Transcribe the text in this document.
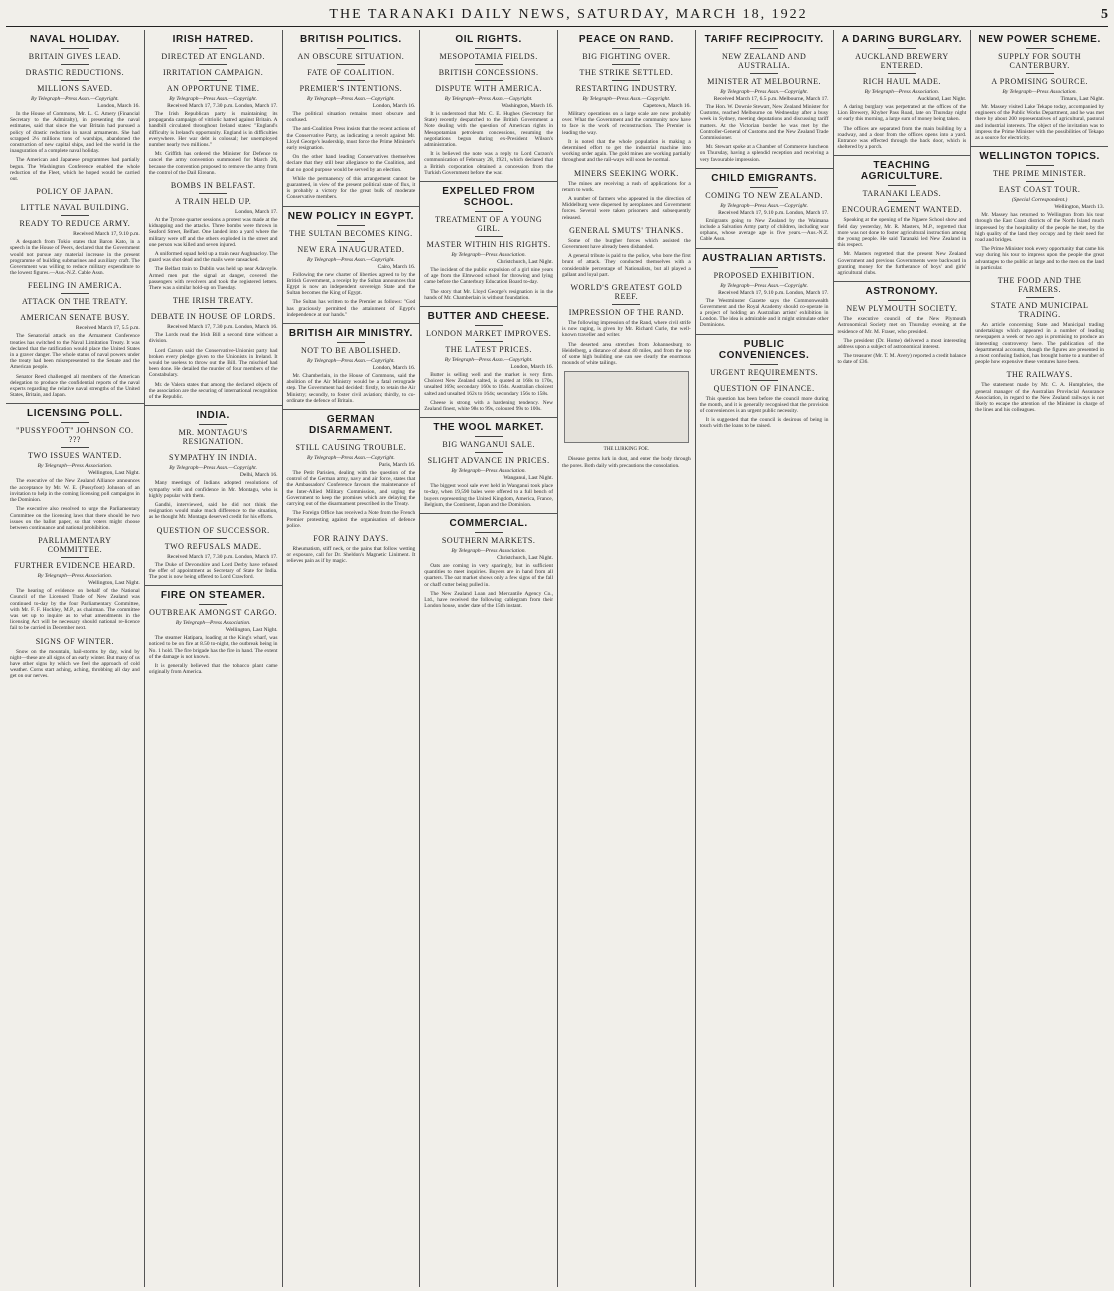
THE TARANAKI DAILY NEWS, SATURDAY, MARCH 18, 1922	5
NAVAL HOLIDAY.
BRITAIN GIVES LEAD.
DRASTIC REDUCTIONS.
MILLIONS SAVED.
By Telegraph—Press Assn.—Copyright.
London, March 16.

In the House of Commons, Mr. L. C. Amery (Financial Secretary to the Admiralty), in presenting the naval estimates, said that since the war Britain had pursued a policy of drastic reduction in naval armaments. She had scrapped 2¼ millions tons of warships, abandoned the construction of new capital ships, and led the world in the inauguration of a complete naval holiday.

The American and Japanese programmes had partially begun. The Washington Conference enabled the whole reduction of the Fleet, which he hoped would be carried out.

POLICY OF JAPAN.
LITTLE NAVAL BUILDING.
READY TO REDUCE ARMY.
Received March 17, 9.10 p.m.

A despatch from Tokio states that Baron Kato, in a speech in the House of Peers, declared that the Government would not pursue any material increase in the present programme of building submarines and auxiliary craft. The Government was willing to reduce military expenditure to the lowest figures.—Aus.-N.Z. Cable Assn.

FEELING IN AMERICA.
ATTACK ON THE TREATY.
AMERICAN SENATE BUSY.
Received March 17, 5.5 p.m.

The Senatorial attack on the Armament Conference treaties has switched to the Naval Limitation Treaty. It was declared that the ratification would place the United States in a graver danger. The whole status of naval powers under the treaty had been misrepresented to the Senate and the American people.

Senator Reed challenged all members of the American delegation to produce the confidential reports of the naval experts regarding the relative naval strengths of the United States, Britain, and Japan.

LICENSING POLL.
"PUSSYFOOT" JOHNSON CO. ???
TWO ISSUES WANTED.
By Telegraph—Press Association.
Wellington, Last Night.

The executive of the New Zealand Alliance announces the acceptance by Mr. W. E. (Pussyfoot) Johnson of an invitation to help in the coming licensing poll campaigns in the Dominion.

The executive also resolved to urge the Parliamentary Committee on the licensing laws that there should be two issues on the ballot paper, so that voters might choose between continuance and national prohibition.

PARLIAMENTARY COMMITTEE.
FURTHER EVIDENCE HEARD.
By Telegraph—Press Association.
Wellington, Last Night.

The hearing of evidence on behalf of the National Council of the Licensed Trade of New Zealand was continued to-day by the four Parliamentary Committee, with Mr. F. F. Hockley, M.P., as chairman. The committee was set up to inquire as to what amendments in the licensing Act will be necessary should national re-licence fail to be carried in December next.

SIGNS OF WINTER.

Snow on the mountain, hail-storms by day, wind by night—these are all signs of an early winter. But many of us have other signs by which we feel the approach of cold weather. Corns start aching, aching, throbbing all day and get on our nerves.

IRISH HATRED.
DIRECTED AT ENGLAND.
IRRITATION CAMPAIGN.
AN OPPORTUNE TIME.
By Telegraph—Press Assn.—Copyright.
Received March 17, 7.30 p.m. London, March 17.

The Irish Republican party is maintaining its propaganda campaign of vitriolic hatred against Britain. A handbill circulated throughout Ireland states: "England's difficulty is Ireland's opportunity. England is in difficulties everywhere. Her war debt is colossal; her unemployed number nearly two millions."

Mr. Griffith has ordered the Minister for Defence to cancel the army convention summoned for March 26, because the convention proposed to remove the army from the control of the Dail Eireann.

BOMBS IN BELFAST.
A TRAIN HELD UP.
London, March 17.

At the Tyrone quarter sessions a protest was made at the kidnapping and the attacks. Three bombs were thrown in Seaford Street, Belfast. One landed into a yard where the military were off and the others exploded in the street and one person was killed and seven injured.

A uniformed squad held up a train near Aughnacloy. The guard was shot dead and the mails were ransacked.

The Belfast train to Dublin was held up near Adavoyle. Armed men put the signal at danger, covered the passengers with revolvers and took the registered letters. There was a similar hold-up on Tuesday.

THE IRISH TREATY.
DEBATE IN HOUSE OF LORDS.
Received March 17, 7.30 p.m. London, March 16.

The Lords read the Irish Bill a second time without a division.

Lord Carson said the Conservative-Unionist party had broken every pledge given to the Unionists in Ireland. It would be useless to throw out the Bill. The mischief had been done. He detailed the murder of four members of the Constabulary.

Mr. de Valera states that among the declared objects of the association are the securing of international recognition of the Republic.

INDIA.
MR. MONTAGU'S RESIGNATION.
SYMPATHY IN INDIA.
By Telegraph—Press Assn.—Copyright.
Delhi, March 16.

Many meetings of Indians adopted resolutions of sympathy with and confidence in Mr. Montagu, who is highly popular with them.

Gandhi, interviewed, said he did not think the resignation would make much difference to the situation, as he thought Mr. Montagu deserved credit for his efforts.

QUESTION OF SUCCESSOR.
TWO REFUSALS MADE.
Received March 17, 7.30 p.m. London, March 17.

The Duke of Devonshire and Lord Derby have refused the offer of appointment as Secretary of State for India. The post is now being offered to Lord Crawford.

FIRE ON STEAMER.
OUTBREAK AMONGST CARGO.
By Telegraph—Press Association.
Wellington, Last Night.

The steamer Hatipara, loading at the King's wharf, was noticed to be on fire at 8.50 to-night, the outbreak being in No. 1 hold. The fire brigade has the fire in hand. The extent of the damage is not known.

It is generally believed that the tobacco plant came originally from America.

BRITISH POLITICS.
AN OBSCURE SITUATION.
FATE OF COALITION.
PREMIER'S INTENTIONS.
By Telegraph—Press Assn.—Copyright.
London, March 16.

The political situation remains most obscure and confused.

The anti-Coalition Press insists that the recent actions of the Conservative Party, as indicating a revolt against Mr. Lloyd George's leadership, must force the Prime Minister's early resignation.

On the other hand leading Conservatives themselves declare that they still bear allegiance to the Coalition, and that no good purpose would be served by an election.

While the permanency of this arrangement cannot be guaranteed, in view of the present political state of flux, it is probably a victory for the great bulk of moderate Conservative members.

NEW POLICY IN EGYPT.
THE SULTAN BECOMES KING.
NEW ERA INAUGURATED.
By Telegraph—Press Assn.—Copyright.
Cairo, March 16.

Following the new charter of liberties agreed to by the British Government, a receipt by the Sultan announces that Egypt is now an independent sovereign State and the Sultan becomes the King of Egypt.

The Sultan has written to the Premier as follows: "God has graciously permitted the attainment of Egypt's independence at our hands."

BRITISH AIR MINISTRY.
NOT TO BE ABOLISHED.
By Telegraph—Press Assn.—Copyright.
London, March 16.

Mr. Chamberlain, in the House of Commons, said the abolition of the Air Ministry would be a fatal retrograde step. The Government had decided: firstly, to retain the Air Ministry; secondly, to foster civil aviation; thirdly, to co-ordinate the defence of Britain.

GERMAN DISARMAMENT.
STILL CAUSING TROUBLE.
By Telegraph—Press Assn.—Copyright.
Paris, March 16.

The Petit Parisien, dealing with the question of the control of the German army, navy and air force, states that the Ambassadors' Conference favours the maintenance of the Inter-Allied Military Commission, and urging the Government to keep the promises which are delaying the carrying out of the disarmament prescribed in the Treaty.

The Foreign Office has received a Note from the French Premier protesting against the organisation of defence police.

FOR RAINY DAYS.

Rheumatism, stiff neck, or the pains that follow wetting or exposure, call for Dr. Sheldon's Magnetic Liniment. It relieves pain as if by magic.

OIL RIGHTS.
MESOPOTAMIA FIELDS.
BRITISH CONCESSIONS.
DISPUTE WITH AMERICA.
By Telegraph—Press Assn.—Copyright.
Washington, March 16.

It is understood that Mr. C. E. Hughes (Secretary for State) recently despatched to the British Government a Note dealing with the question of American rights in Mesopotamian petroleum concessions, resuming the negotiations begun during ex-President Wilson's administration.

It is believed the note was a reply to Lord Curzon's communication of February 28, 1921, which declared that a British corporation obtained a concession from the Turkish Government before the war.

EXPELLED FROM SCHOOL.
TREATMENT OF A YOUNG GIRL.
MASTER WITHIN HIS RIGHTS.
By Telegraph—Press Association.
Christchurch, Last Night.

The incident of the public expulsion of a girl nine years of age from the Elmwood school for throwing and lying came before the Canterbury Education Board to-day.

The story that Mr. Lloyd George's resignation is in the hands of Mr. Chamberlain is without foundation.

BUTTER AND CHEESE.
LONDON MARKET IMPROVES.
THE LATEST PRICES.
By Telegraph—Press Assn.—Copyright.
London, March 16.

Butter is selling well and the market is very firm. Choicest New Zealand salted, is quoted at 168s to 170s, unsalted 169s; secondary 160s to 164s. Australian choicest salted and unsalted 162s to 164s; secondary 156s to 158s.

Cheese is strong with a hardening tendency. New Zealand finest, white 98s to 99s, coloured 99s to 100s.

THE WOOL MARKET.
BIG WANGANUI SALE.
SLIGHT ADVANCE IN PRICES.
By Telegraph—Press Association.
Wanganui, Last Night.

The biggest wool sale ever held in Wanganui took place to-day, when 19,590 bales were offered to a full bench of buyers representing the United Kingdom, America, France, Belgium, the Continent, Japan and the Dominion.

COMMERCIAL.
SOUTHERN MARKETS.
By Telegraph—Press Association.
Christchurch, Last Night.

Oats are coming in very sparingly, but in sufficient quantities to meet inquiries. Buyers are in hand from all quarters. The oat market shows only a few signs of the fall or chaff cutter being pulled in.

The New Zealand Loan and Mercantile Agency Co., Ltd., have received the following cablegram from their London house, under date of the 15th instant.

PEACE ON RAND.
BIG FIGHTING OVER.
THE STRIKE SETTLED.
RESTARTING INDUSTRY.
By Telegraph—Press Assn.—Copyright.
Capetown, March 16.

Military operations on a large scale are now probably over. What the Government and the community now have to face is the work of reconstruction. The Premier is leading the way.

It is noted that the whole population is making a determined effort to get the industrial machine into working order again. The gold mines are working partially throughout and the rail-ways will soon be normal.

MINERS SEEKING WORK.

The mines are receiving a rush of applications for a return to work.

A number of farmers who appeared in the direction of Middelburg were dispersed by aeroplanes and Government forces. Several were taken prisoners and subsequently released.

GENERAL SMUTS' THANKS.

Some of the burgher forces which assisted the Government have already been disbanded.

A general tribute is paid to the police, who bore the first brunt of attack. They conducted themselves with a considerable percentage of Nationalists, but all played a gallant and loyal part.

WORLD'S GREATEST GOLD REEF.
IMPRESSION OF THE RAND.

The following impression of the Rand, where civil strife is now raging, is given by Mr. Richard Curle, the well-known traveller and writer.

The deserted area stretches from Johannesburg to Heidelberg, a distance of about 40 miles, and from the top of some high building one can see clearly the enormous mounds of white tailings.

THE LURKING FOE.

Disease germs lurk in dust, and enter the body through the pores. Both daily with precautions the consolation.

TARIFF RECIPROCITY.
NEW ZEALAND AND AUSTRALIA.
MINISTER AT MELBOURNE.
By Telegraph—Press Assn.—Copyright.
Received March 17, 6.5 p.m. Melbourne, March 17.

The Hon. W. Downie Stewart, New Zealand Minister for Customs, reached Melbourne on Wednesday after a busy week in Sydney, meeting deputations and discussing tariff matters. At the Victorian border he was met by the Controller-General of Customs and the New Zealand Trade Commissioner.

Mr. Stewart spoke at a Chamber of Commerce luncheon on Thursday, having a splendid reception and receiving a very favourable impression.

CHILD EMIGRANTS.
COMING TO NEW ZEALAND.
By Telegraph—Press Assn.—Copyright.
Received March 17, 9.10 p.m. London, March 17.

Emigrants going to New Zealand by the Waimana include a Salvation Army party of children, including war orphans, whose average age is five years.—Aus.-N.Z. Cable Assn.

AUSTRALIAN ARTISTS.
PROPOSED EXHIBITION.
By Telegraph—Press Assn.—Copyright.
Received March 17, 9.10 p.m. London, March 17.

The Westminster Gazette says the Commonwealth Government and the Royal Academy should co-operate in a project of holding an Australian artists' exhibition in London. The idea is admirable and it might stimulate other Dominions.

PUBLIC CONVENIENCES.
URGENT REQUIREMENTS.
QUESTION OF FINANCE.

This question has been before the council more during the month, and it is generally recognised that the provision of conveniences is an urgent public necessity.

It is suggested that the council is desirous of being in touch with the loans to be raised.

A DARING BURGLARY.
AUCKLAND BREWERY ENTERED.
RICH HAUL MADE.
By Telegraph—Press Association.
Auckland, Last Night.

A daring burglary was perpetrated at the offices of the Lion Brewery, Khyber Pass Road, late on Thursday night or early this morning, a large sum of money being taken.

The offices are separated from the main building by a roadway, and a door from the offices opens into a yard. Entrance was effected through the back door, which is sheltered by a porch.

TEACHING AGRICULTURE.
TARANAKI LEADS.
ENCOURAGEMENT WANTED.

Speaking at the opening of the Ngaere School show and field day yesterday, Mr. R. Masters, M.P., regretted that more was not done to foster agricultural instruction among the young people. He said Taranaki led New Zealand in this respect.

Mr. Masters regretted that the present New Zealand Government and previous Governments were backward in granting money for the furtherance of boys' and girls' agricultural clubs.

ASTRONOMY.
NEW PLYMOUTH SOCIETY.

The executive council of the New Plymouth Astronomical Society met on Thursday evening at the residence of Mr. M. Fraser, who presided.

The president (Dr. Home) delivered a most interesting address upon a subject of astronomical interest.

The treasurer (Mr. T. M. Avery) reported a credit balance to date of £36.

NEW POWER SCHEME.
SUPPLY FOR SOUTH CANTERBURY.
A PROMISING SOURCE.
By Telegraph—Press Association.
Timaru, Last Night.

Mr. Massey visited Lake Tekapo today, accompanied by engineers of the Public Works Department, and he was met there by about 200 representatives of agricultural, pastoral and industrial interests. The object of the invitation was to impress the Prime Minister with the possibilities of Tekapo as a source for electricity.

WELLINGTON TOPICS.
THE PRIME MINISTER.
EAST COAST TOUR.
(Special Correspondent.)
Wellington, March 13.

Mr. Massey has returned to Wellington from his tour through the East Coast districts of the North Island much impressed by the hospitality of the people he met, by the high quality of the land they occupy and by their need for road and bridges.

The Prime Minister took every opportunity that came his way during his tour to impress upon the people the great advantages to the public at large and to the men on the land in particular.

THE FOOD AND THE FARMERS.
STATE AND MUNICIPAL TRADING.

An article concerning State and Municipal trading undertakings which appeared in a number of leading newspapers a week or two ago is promising to produce an interesting controversy here. The publication of the departmental accounts, though the figures are presented in a most confusing fashion, has brought home to a number of people how expensive these ventures have been.

THE RAILWAYS.

The statement made by Mr. C. A. Humphries, the general manager of the Australian Provincial Assurance Association, in regard to the New Zealand railways is not likely to escape the attention of the Minister in charge of the lines and his colleagues.
